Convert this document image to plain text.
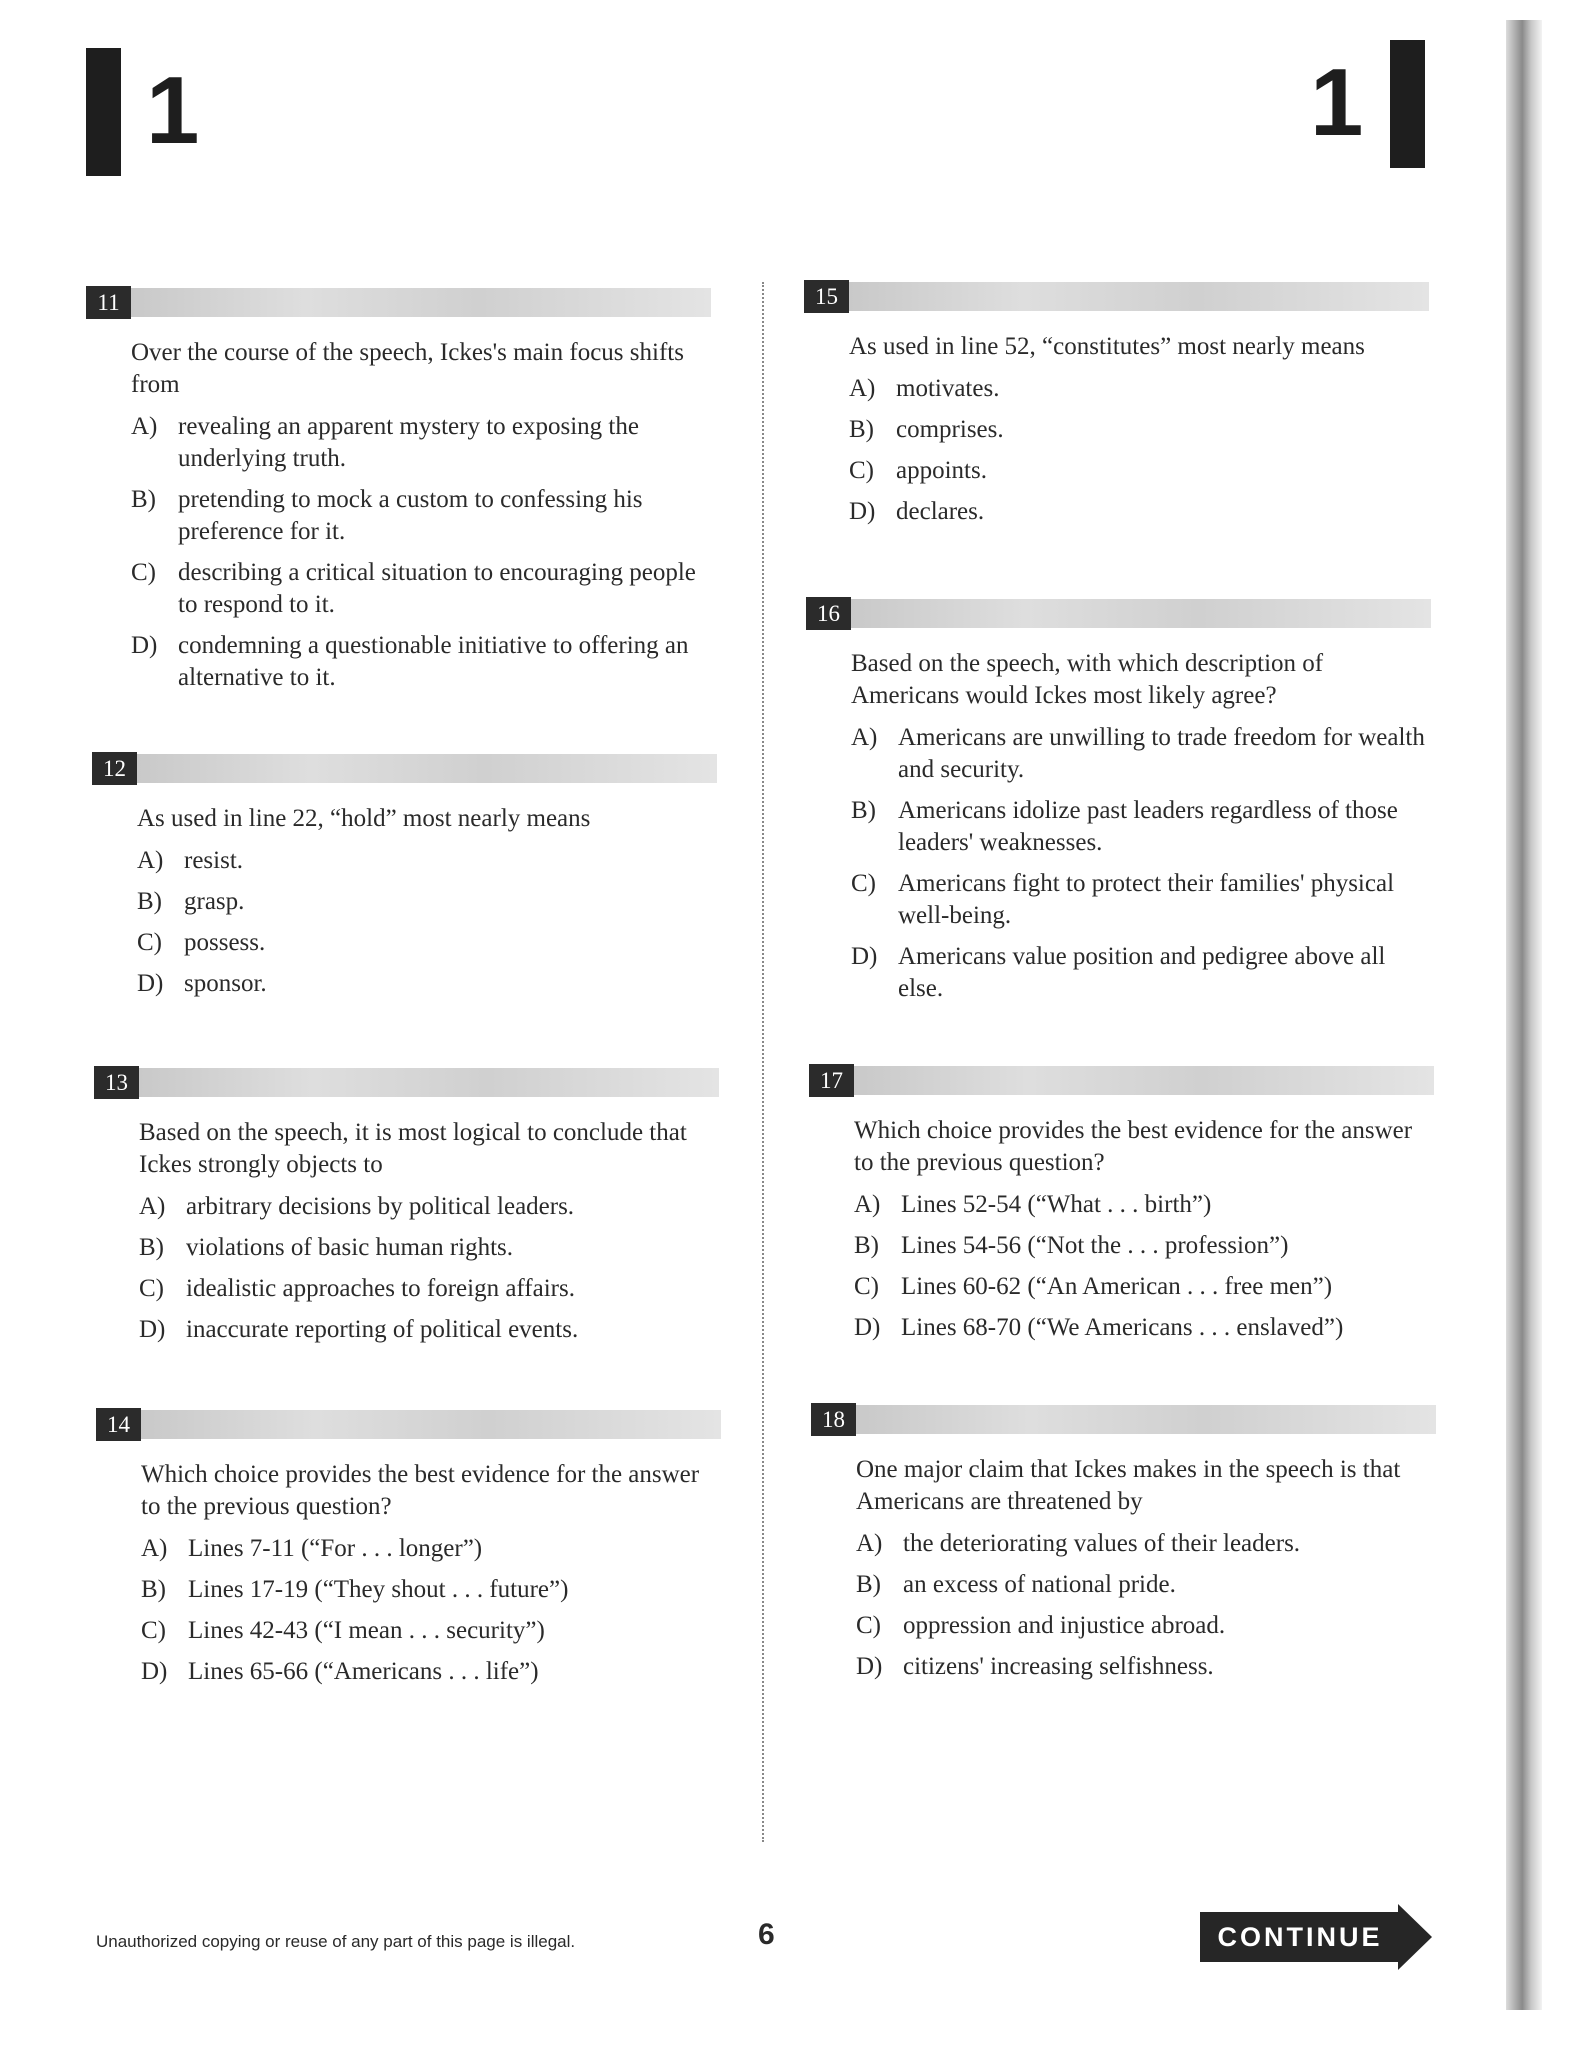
1	1
11
Over the course of the speech, Ickes's main focus shifts from
A) revealing an apparent mystery to exposing the underlying truth.
B) pretending to mock a custom to confessing his preference for it.
C) describing a critical situation to encouraging people to respond to it.
D) condemning a questionable initiative to offering an alternative to it.
12
As used in line 22, “hold” most nearly means
A) resist.
B) grasp.
C) possess.
D) sponsor.
13
Based on the speech, it is most logical to conclude that Ickes strongly objects to
A) arbitrary decisions by political leaders.
B) violations of basic human rights.
C) idealistic approaches to foreign affairs.
D) inaccurate reporting of political events.
14
Which choice provides the best evidence for the answer to the previous question?
A) Lines 7-11 (“For . . . longer”)
B) Lines 17-19 (“They shout . . . future”)
C) Lines 42-43 (“I mean . . . security”)
D) Lines 65-66 (“Americans . . . life”)
15
As used in line 52, “constitutes” most nearly means
A) motivates.
B) comprises.
C) appoints.
D) declares.
16
Based on the speech, with which description of Americans would Ickes most likely agree?
A) Americans are unwilling to trade freedom for wealth and security.
B) Americans idolize past leaders regardless of those leaders' weaknesses.
C) Americans fight to protect their families' physical well-being.
D) Americans value position and pedigree above all else.
17
Which choice provides the best evidence for the answer to the previous question?
A) Lines 52-54 (“What . . . birth”)
B) Lines 54-56 (“Not the . . . profession”)
C) Lines 60-62 (“An American . . . free men”)
D) Lines 68-70 (“We Americans . . . enslaved”)
18
One major claim that Ickes makes in the speech is that Americans are threatened by
A) the deteriorating values of their leaders.
B) an excess of national pride.
C) oppression and injustice abroad.
D) citizens' increasing selfishness.
Unauthorized copying or reuse of any part of this page is illegal.	6	CONTINUE
